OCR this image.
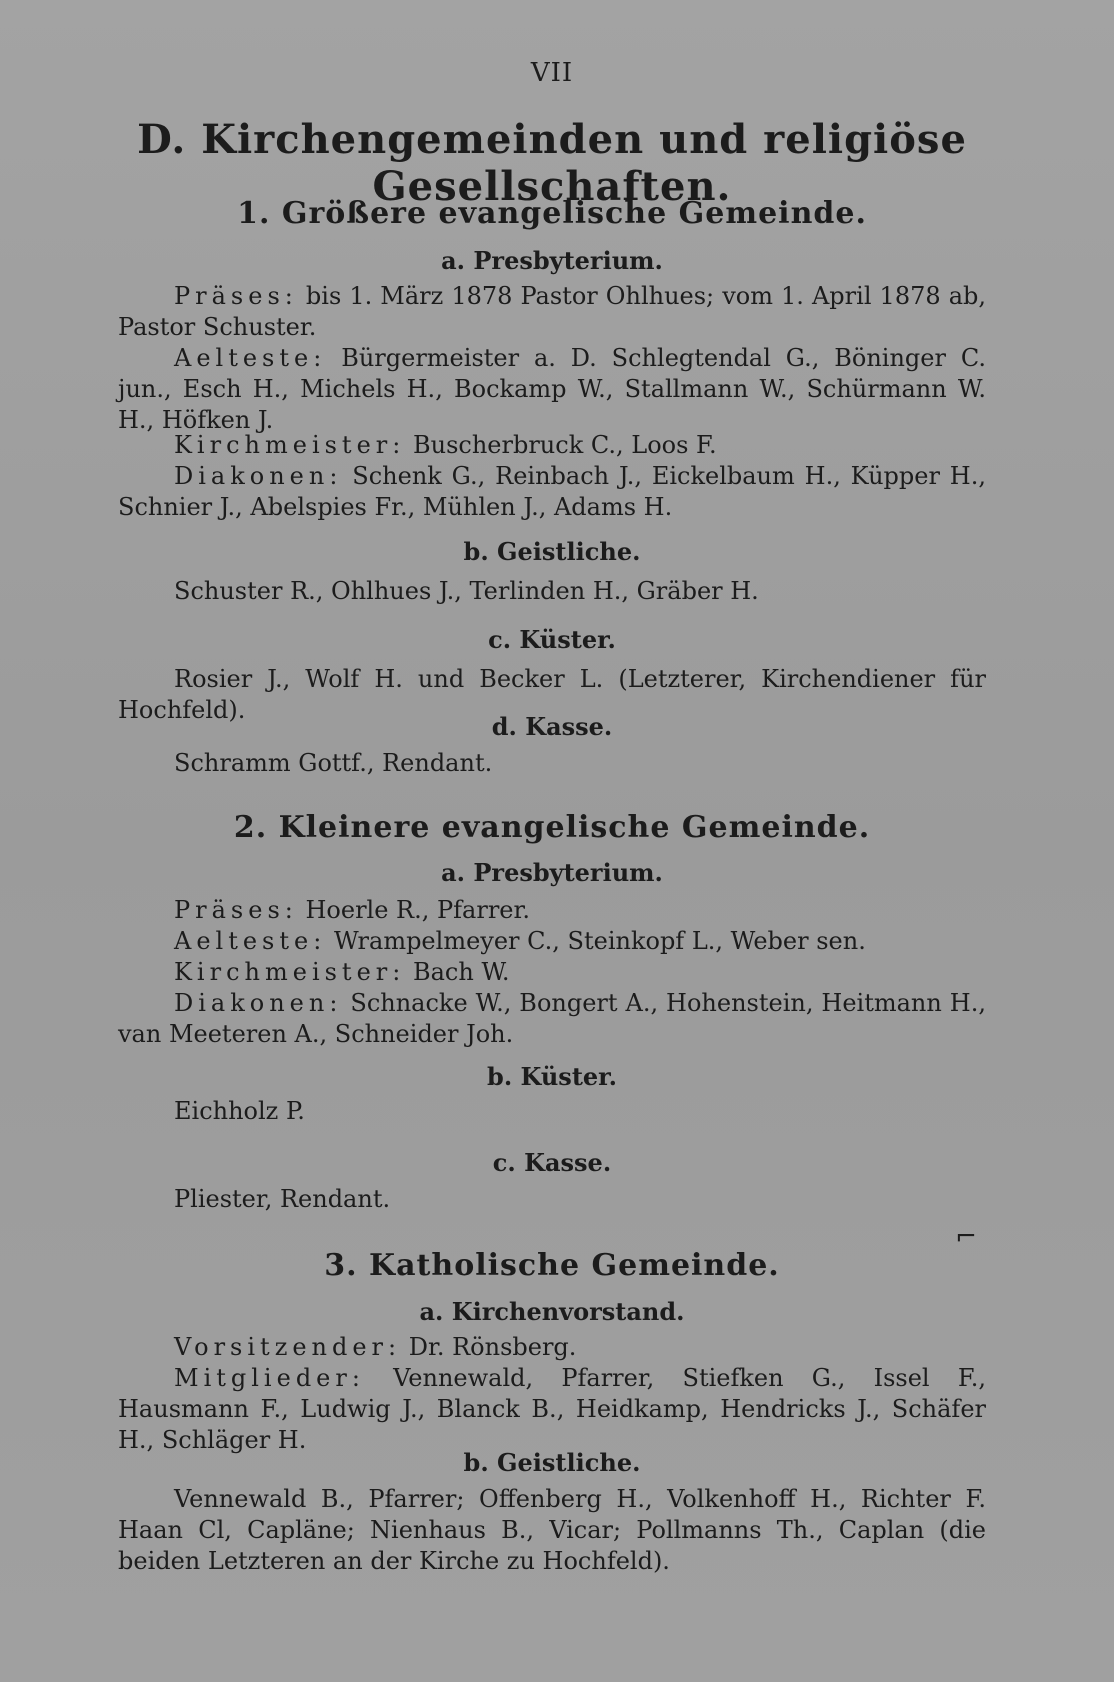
VII
D. Kirchengemeinden und religiöse Gesellschaften.
1. Größere evangelische Gemeinde.
a. Presbyterium.
Präses: bis 1. März 1878 Pastor Ohlhues; vom 1. April 1878 ab, Pastor Schuster.
Aelteste: Bürgermeister a. D. Schlegtendal G., Böninger C. jun., Esch H., Michels H., Bockamp W., Stallmann W., Schürmann W. H., Höfken J.
Kirchmeister: Buscherbruck C., Loos F.
Diakonen: Schenk G., Reinbach J., Eickelbaum H., Küpper H., Schnier J., Abelspies Fr., Mühlen J., Adams H.
b. Geistliche.
Schuster R., Ohlhues J., Terlinden H., Gräber H.
c. Küster.
Rosier J., Wolf H. und Becker L. (Letzterer, Kirchendiener für Hochfeld).
d. Kasse.
Schramm Gottf., Rendant.
2. Kleinere evangelische Gemeinde.
a. Presbyterium.
Präses: Hoerle R., Pfarrer.
Aelteste: Wrampelmeyer C., Steinkopf L., Weber sen.
Kirchmeister: Bach W.
Diakonen: Schnacke W., Bongert A., Hohenstein, Heitmann H., van Meeteren A., Schneider Joh.
b. Küster.
Eichholz P.
c. Kasse.
Pliester, Rendant.
3. Katholische Gemeinde.
a. Kirchenvorstand.
Vorsitzender: Dr. Rönsberg.
Mitglieder: Vennewald, Pfarrer, Stiefken G., Issel F., Hausmann F., Ludwig J., Blanck B., Heidkamp, Hendricks J., Schäfer H., Schläger H.
b. Geistliche.
Vennewald B., Pfarrer; Offenberg H., Volkenhoff H., Richter F. Haan Cl, Capläne; Nienhaus B., Vicar; Pollmanns Th., Caplan (die beiden Letzteren an der Kirche zu Hochfeld).
⌐
